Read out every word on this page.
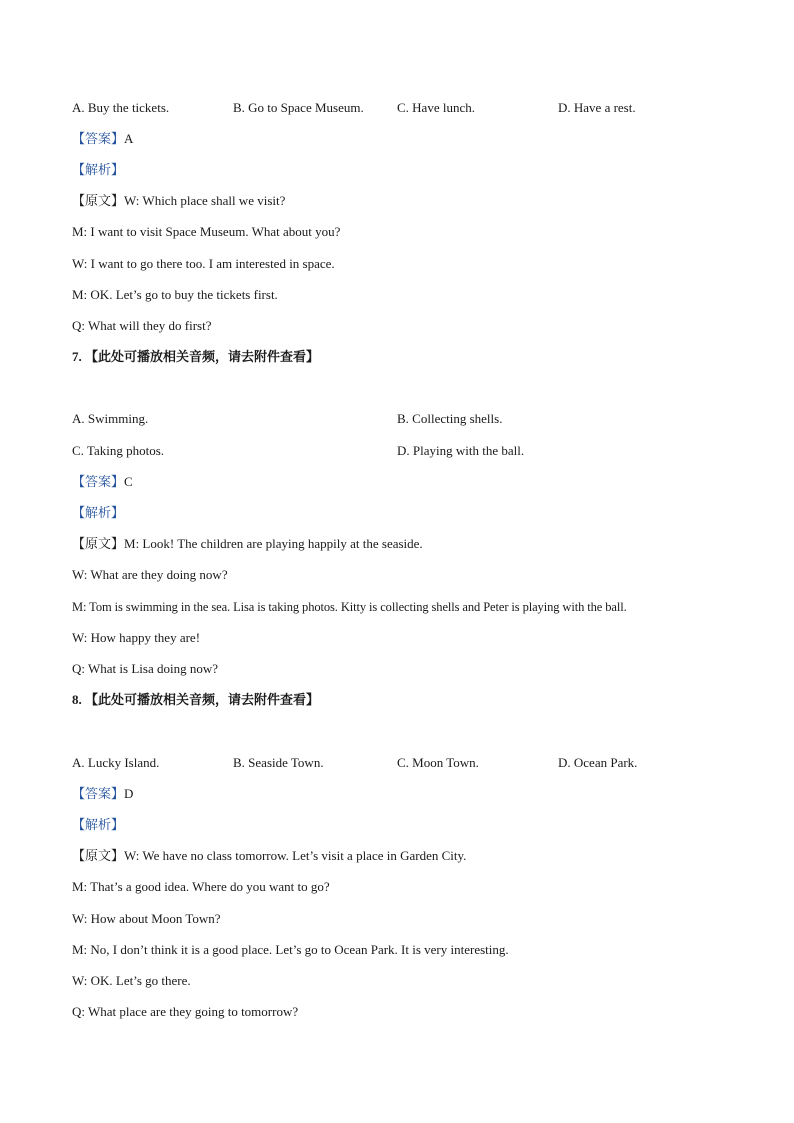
A. Buy the tickets.	B. Go to Space Museum.	C. Have lunch.	D. Have a rest.
【答案】A
【解析】
【原文】W: Which place shall we visit?
M: I want to visit Space Museum. What about you?
W: I want to go there too. I am interested in space.
M: OK. Let’s go to buy the tickets first.
Q: What will they do first?
7. 【此处可播放相关音频，请去附件查看】
A. Swimming.	B. Collecting shells.
C. Taking photos.	D. Playing with the ball.
【答案】C
【解析】
【原文】M: Look! The children are playing happily at the seaside.
W: What are they doing now?
M: Tom is swimming in the sea. Lisa is taking photos. Kitty is collecting shells and Peter is playing with the ball.
W: How happy they are!
Q: What is Lisa doing now?
8. 【此处可播放相关音频，请去附件查看】
A. Lucky Island.	B. Seaside Town.	C. Moon Town.	D. Ocean Park.
【答案】D
【解析】
【原文】W: We have no class tomorrow. Let’s visit a place in Garden City.
M: That’s a good idea. Where do you want to go?
W: How about Moon Town?
M: No, I don’t think it is a good place. Let’s go to Ocean Park. It is very interesting.
W: OK. Let’s go there.
Q: What place are they going to tomorrow?
